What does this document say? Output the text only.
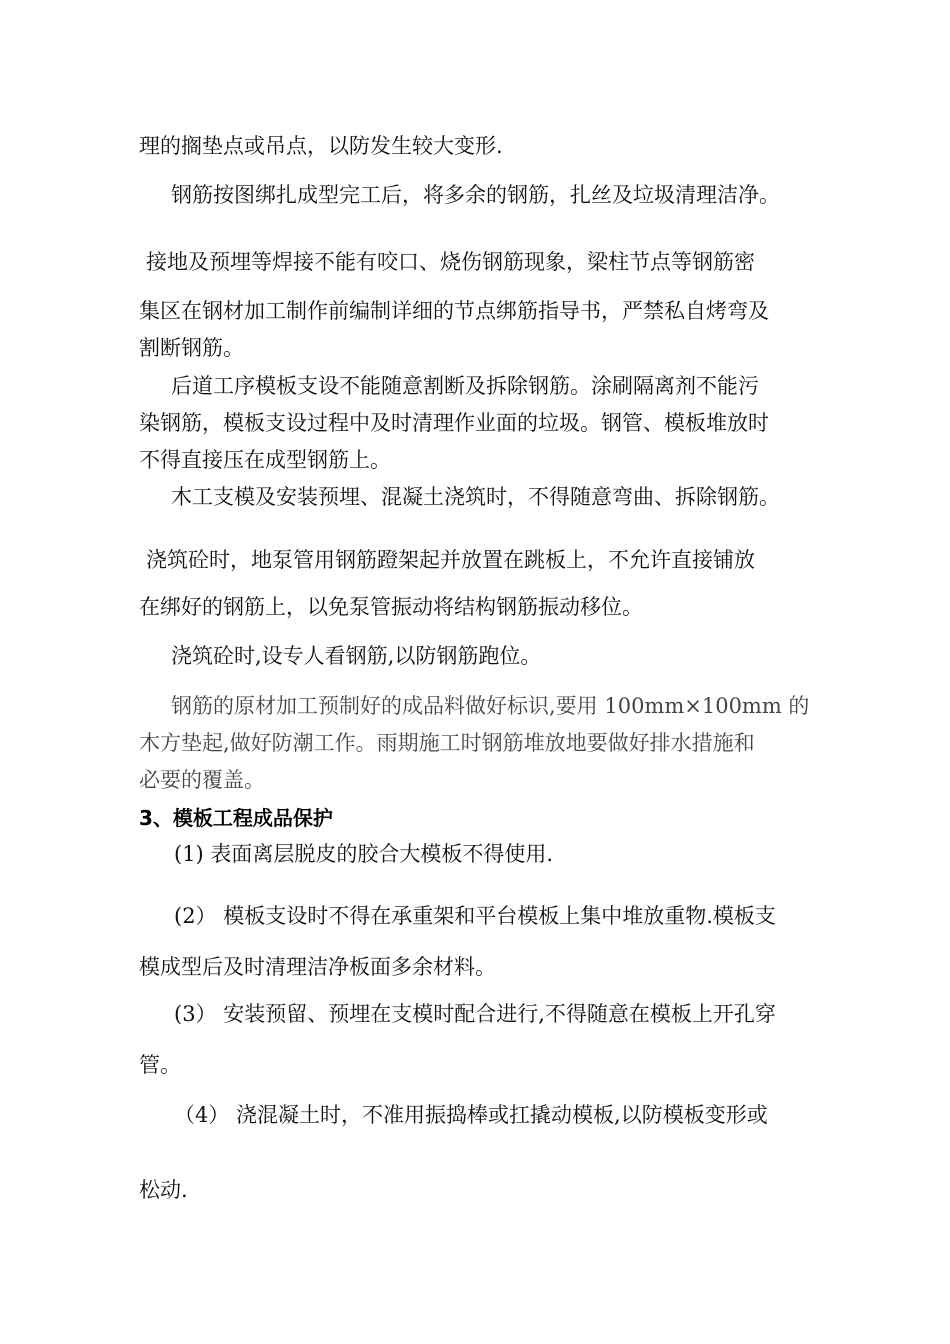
理的搁垫点或吊点，以防发生较大变形.
钢筋按图绑扎成型完工后，将多余的钢筋，扎丝及垃圾清理洁净。
接地及预埋等焊接不能有咬口、烧伤钢筋现象，梁柱节点等钢筋密
集区在钢材加工制作前编制详细的节点绑筋指导书，严禁私自烤弯及
割断钢筋。
后道工序模板支设不能随意割断及拆除钢筋。涂刷隔离剂不能污
染钢筋，模板支设过程中及时清理作业面的垃圾。钢管、模板堆放时
不得直接压在成型钢筋上。
木工支模及安装预埋、混凝土浇筑时，不得随意弯曲、拆除钢筋。
浇筑砼时，地泵管用钢筋蹬架起并放置在跳板上，不允许直接铺放
在绑好的钢筋上，以免泵管振动将结构钢筋振动移位。
浇筑砼时,设专人看钢筋,以防钢筋跑位。
钢筋的原材加工预制好的成品料做好标识,要用 100mm×100mm 的
木方垫起,做好防潮工作。雨期施工时钢筋堆放地要做好排水措施和
必要的覆盖。
3、模板工程成品保护
(1) 表面离层脱皮的胶合大模板不得使用.
(2） 模板支设时不得在承重架和平台模板上集中堆放重物.模板支
模成型后及时清理洁净板面多余材料。
(3） 安装预留、预埋在支模时配合进行,不得随意在模板上开孔穿
管。
（4） 浇混凝土时，不准用振捣棒或扛撬动模板,以防模板变形或
松动.
